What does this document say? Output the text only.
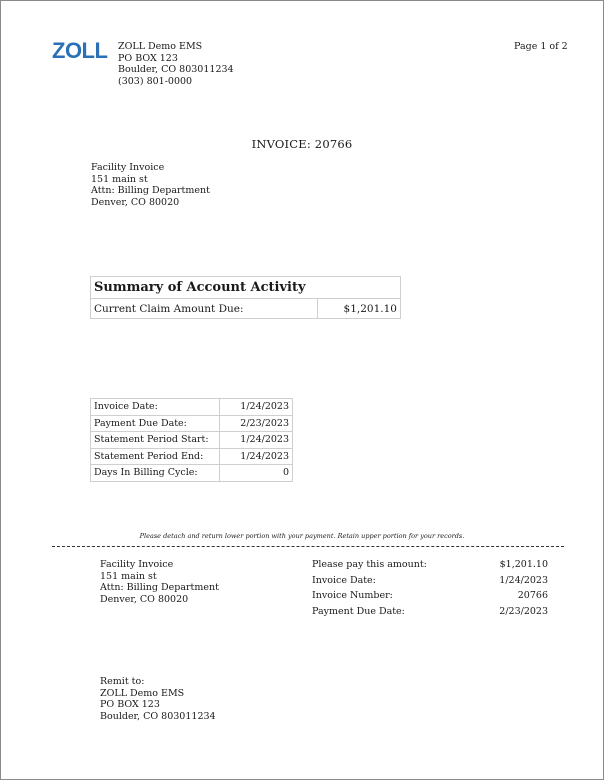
ZOLL ZOLL Demo EMS
PO BOX 123
Boulder, CO 803011234
(303) 801-0000
Page 1 of 2
INVOICE: 20766
Facility Invoice
151 main st
Attn: Billing Department
Denver, CO 80020
Summary of Account Activity
Current Claim Amount Due:	$1,201.10
Invoice Date:	1/24/2023
Payment Due Date:	2/23/2023
Statement Period Start:	1/24/2023
Statement Period End:	1/24/2023
Days In Billing Cycle:	0
Please detach and return lower portion with your payment. Retain upper portion for your records.
Facility Invoice
151 main st
Attn: Billing Department
Denver, CO 80020
Please pay this amount:	$1,201.10
Invoice Date:	1/24/2023
Invoice Number:	20766
Payment Due Date:	2/23/2023
Remit to:
ZOLL Demo EMS
PO BOX 123
Boulder, CO 803011234
